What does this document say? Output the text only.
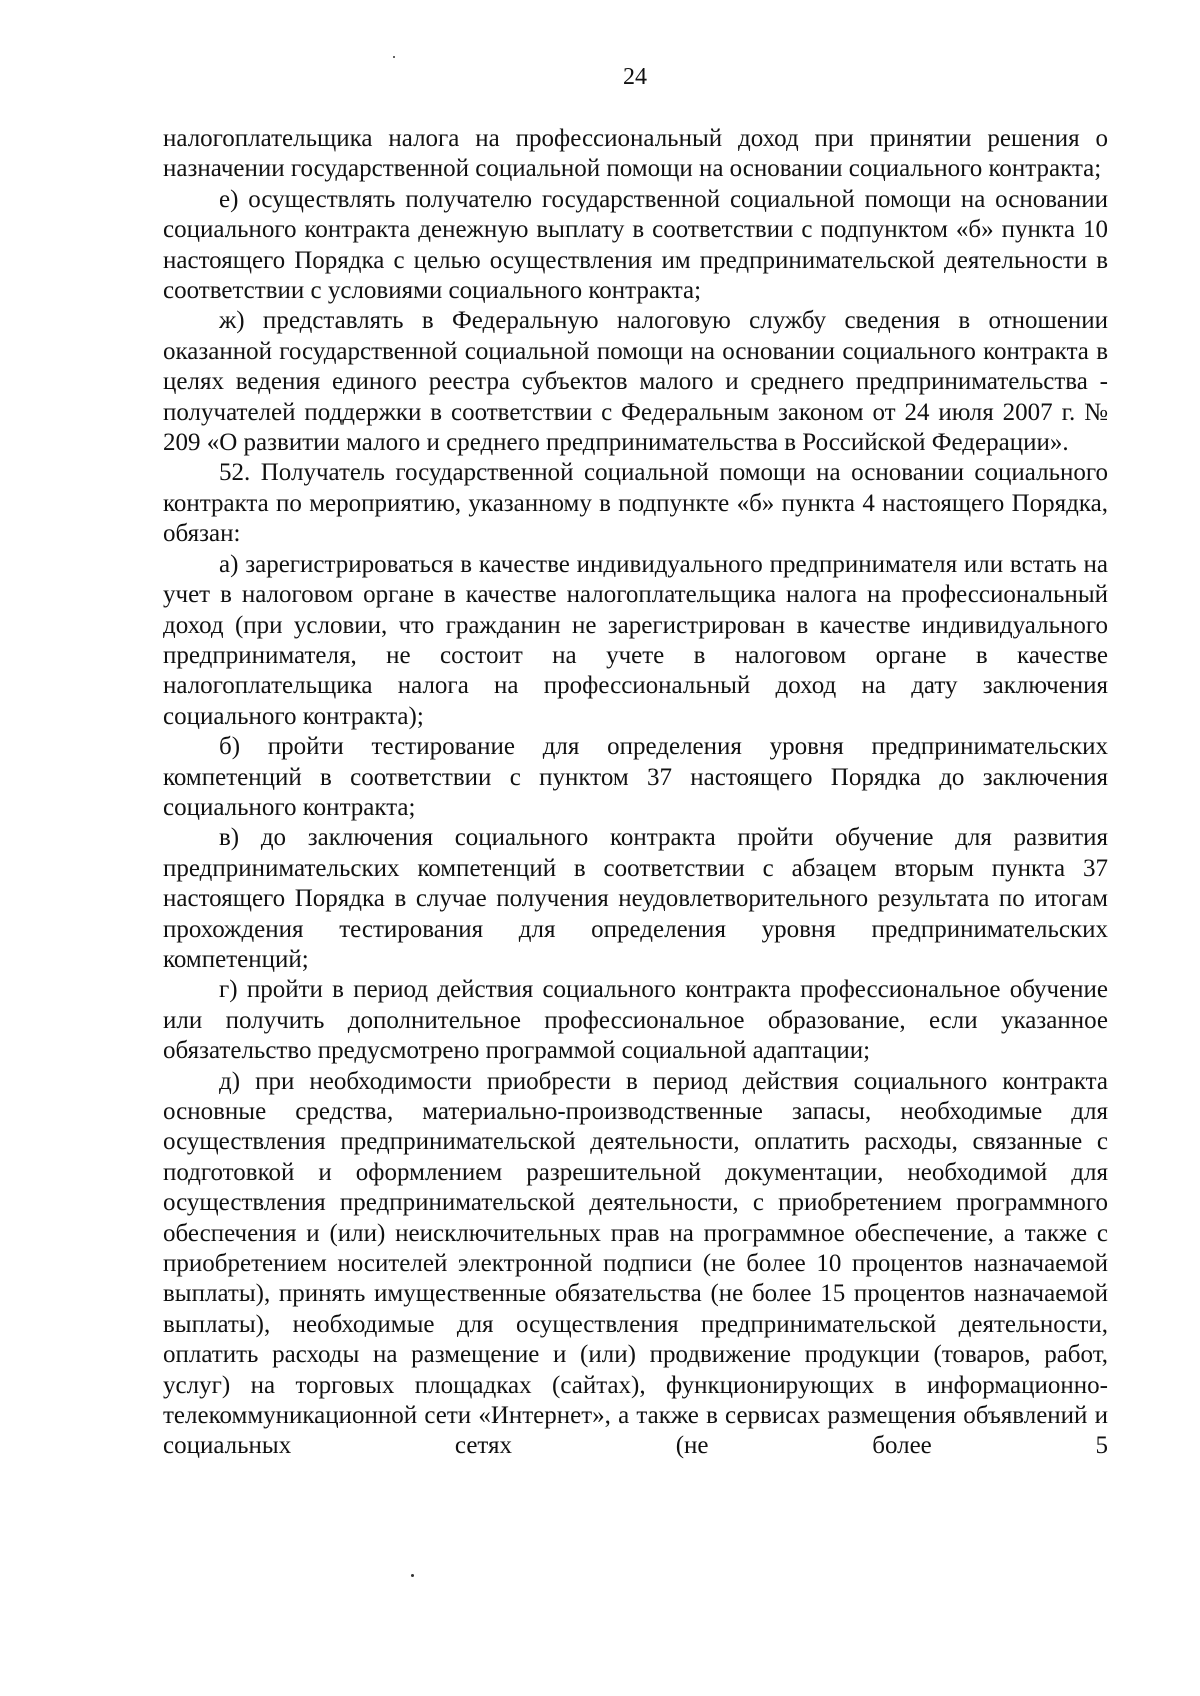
24

налогоплательщика налога на профессиональный доход при принятии решения о назначении государственной социальной помощи на основании социального контракта;

е) осуществлять получателю государственной социальной помощи на основании социального контракта денежную выплату в соответствии с подпунктом «б» пункта 10 настоящего Порядка с целью осуществления им предпринимательской деятельности в соответствии с условиями социального контракта;

ж) представлять в Федеральную налоговую службу сведения в отношении оказанной государственной социальной помощи на основании социального контракта в целях ведения единого реестра субъектов малого и среднего предпринимательства - получателей поддержки в соответствии с Федеральным законом от 24 июля 2007 г. № 209 «О развитии малого и среднего предпринимательства в Российской Федерации».

52. Получатель государственной социальной помощи на основании социального контракта по мероприятию, указанному в подпункте «б» пункта 4 настоящего Порядка, обязан:

а) зарегистрироваться в качестве индивидуального предпринимателя или встать на учет в налоговом органе в качестве налогоплательщика налога на профессиональный доход (при условии, что гражданин не зарегистрирован в качестве индивидуального предпринимателя, не состоит на учете в налоговом органе в качестве налогоплательщика налога на профессиональный доход на дату заключения социального контракта);

б) пройти тестирование для определения уровня предпринимательских компетенций в соответствии с пунктом 37 настоящего Порядка до заключения социального контракта;

в) до заключения социального контракта пройти обучение для развития предпринимательских компетенций в соответствии с абзацем вторым пункта 37 настоящего Порядка в случае получения неудовлетворительного результата по итогам прохождения тестирования для определения уровня предпринимательских компетенций;

г) пройти в период действия социального контракта профессиональное обучение или получить дополнительное профессиональное образование, если указанное обязательство предусмотрено программой социальной адаптации;

д) при необходимости приобрести в период действия социального контракта основные средства, материально-производственные запасы, необходимые для осуществления предпринимательской деятельности, оплатить расходы, связанные с подготовкой и оформлением разрешительной документации, необходимой для осуществления предпринимательской деятельности, с приобретением программного обеспечения и (или) неисключительных прав на программное обеспечение, а также с приобретением носителей электронной подписи (не более 10 процентов назначаемой выплаты), принять имущественные обязательства (не более 15 процентов назначаемой выплаты), необходимые для осуществления предпринимательской деятельности, оплатить расходы на размещение и (или) продвижение продукции (товаров, работ, услуг) на торговых площадках (сайтах), функционирующих в информационно-телекоммуникационной сети «Интернет», а также в сервисах размещения объявлений и социальных сетях (не более 5
